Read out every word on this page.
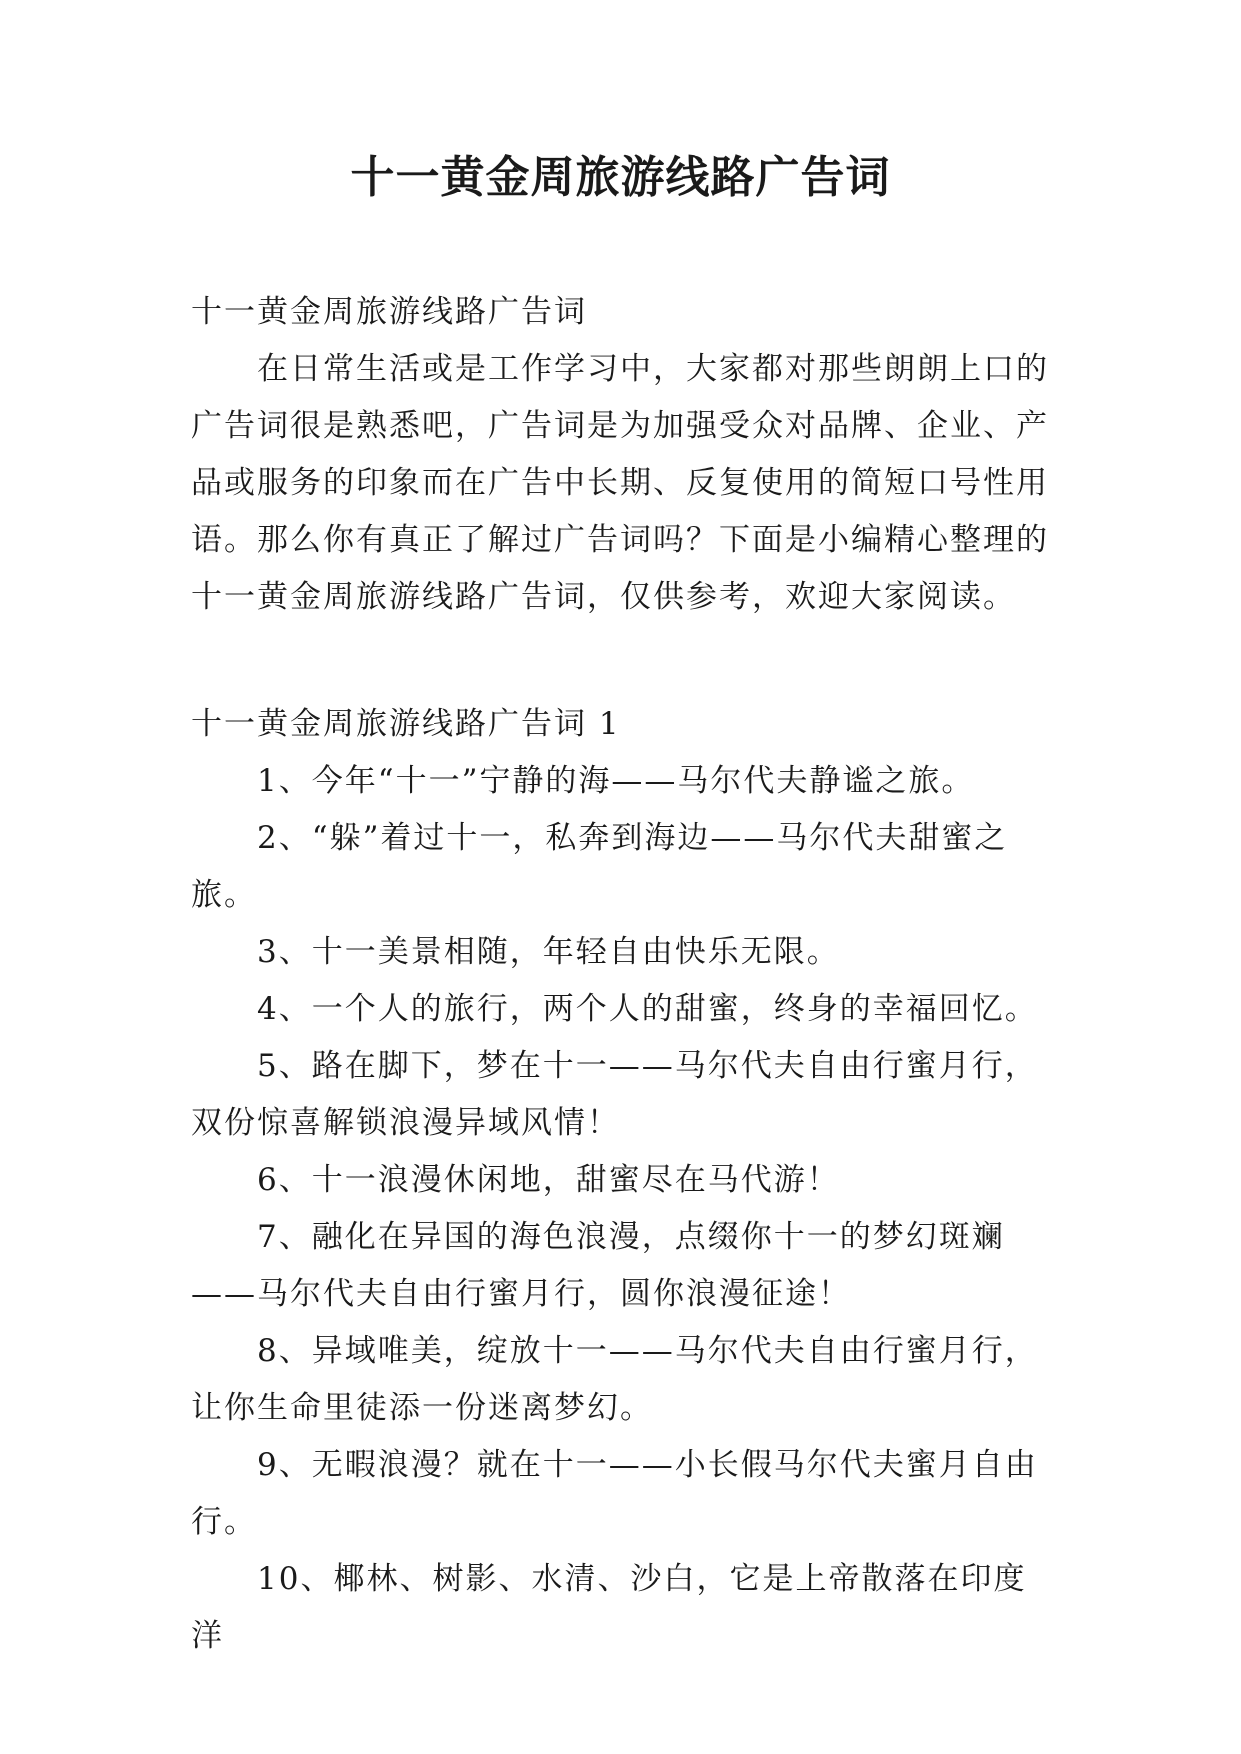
十一黄金周旅游线路广告词

十一黄金周旅游线路广告词

在日常生活或是工作学习中，大家都对那些朗朗上口的广告词很是熟悉吧，广告词是为加强受众对品牌、企业、产品或服务的印象而在广告中长期、反复使用的简短口号性用语。那么你有真正了解过广告词吗？下面是小编精心整理的十一黄金周旅游线路广告词，仅供参考，欢迎大家阅读。

十一黄金周旅游线路广告词 1

1、今年“十一”宁静的海——马尔代夫静谧之旅。

2、“躲”着过十一，私奔到海边——马尔代夫甜蜜之旅。

3、十一美景相随，年轻自由快乐无限。

4、一个人的旅行，两个人的甜蜜，终身的幸福回忆。

5、路在脚下，梦在十一——马尔代夫自由行蜜月行，双份惊喜解锁浪漫异域风情！

6、十一浪漫休闲地，甜蜜尽在马代游！

7、融化在异国的海色浪漫，点缀你十一的梦幻斑斓——马尔代夫自由行蜜月行，圆你浪漫征途！

8、异域唯美，绽放十一——马尔代夫自由行蜜月行，让你生命里徒添一份迷离梦幻。

9、无暇浪漫？就在十一——小长假马尔代夫蜜月自由行。

10、椰林、树影、水清、沙白，它是上帝散落在印度洋
